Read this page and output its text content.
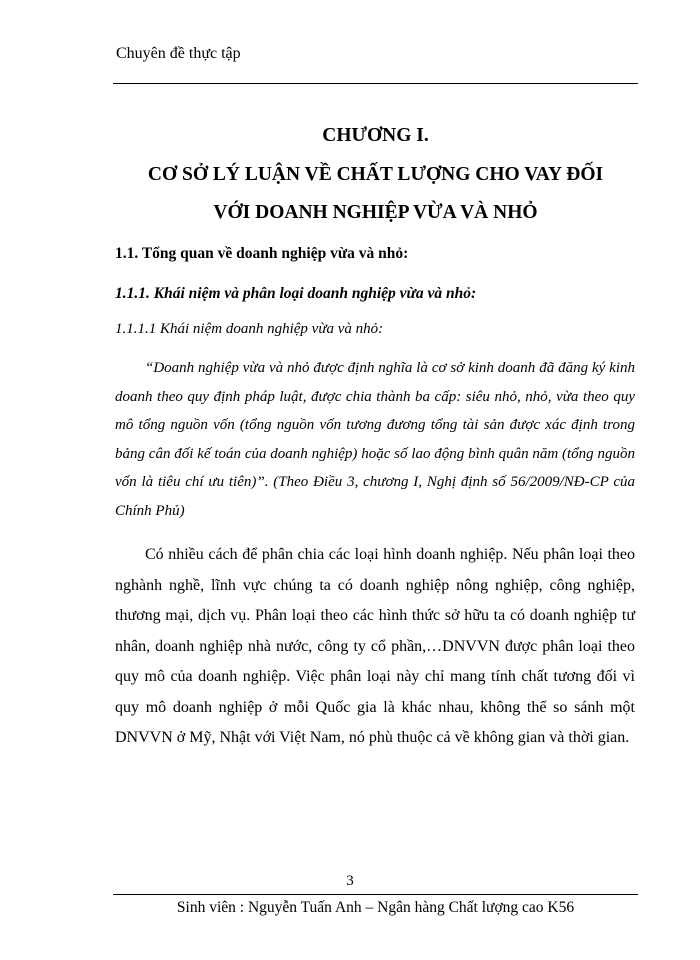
Chuyên đề thực tập
CHƯƠNG I.
CƠ SỞ LÝ LUẬN VỀ CHẤT LƯỢNG CHO VAY ĐỐI
VỚI DOANH NGHIỆP VỪA VÀ NHỎ
1.1. Tổng quan về doanh nghiệp vừa và nhỏ:
1.1.1. Khái niệm và phân loại doanh nghiệp vừa và nhỏ:
1.1.1.1 Khái niệm doanh nghiệp vừa và nhỏ:
“Doanh nghiệp vừa và nhỏ được định nghĩa là cơ sở kinh doanh đã đăng ký kinh doanh theo quy định pháp luật, được chia thành ba cấp: siêu nhỏ, nhỏ, vừa theo quy mô tổng nguồn vốn (tổng nguồn vốn tương đương tổng tài sản được xác định trong bảng cân đối kế toán của doanh nghiệp) hoặc số lao động bình quân năm (tổng nguồn vốn là tiêu chí ưu tiên)”. (Theo Điều 3, chương I, Nghị định số 56/2009/NĐ-CP của Chính Phủ)
Có nhiều cách để phân chia các loại hình doanh nghiệp. Nếu phân loại theo nghành nghề, lĩnh vực chúng ta có doanh nghiệp nông nghiệp, công nghiệp, thương mại, dịch vụ. Phân loại theo các hình thức sở hữu ta có doanh nghiệp tư nhân, doanh nghiệp nhà nước, công ty cổ phần,…DNVVN được phân loại theo quy mô của doanh nghiệp. Việc phân loại này chỉ mang tính chất tương đối vì quy mô doanh nghiệp ở mỗi Quốc gia là khác nhau, không thể so sánh một DNVVN ở Mỹ, Nhật với Việt Nam, nó phù thuộc cả về không gian và thời gian.
3
Sinh viên : Nguyễn Tuấn Anh – Ngân hàng Chất lượng cao K56
